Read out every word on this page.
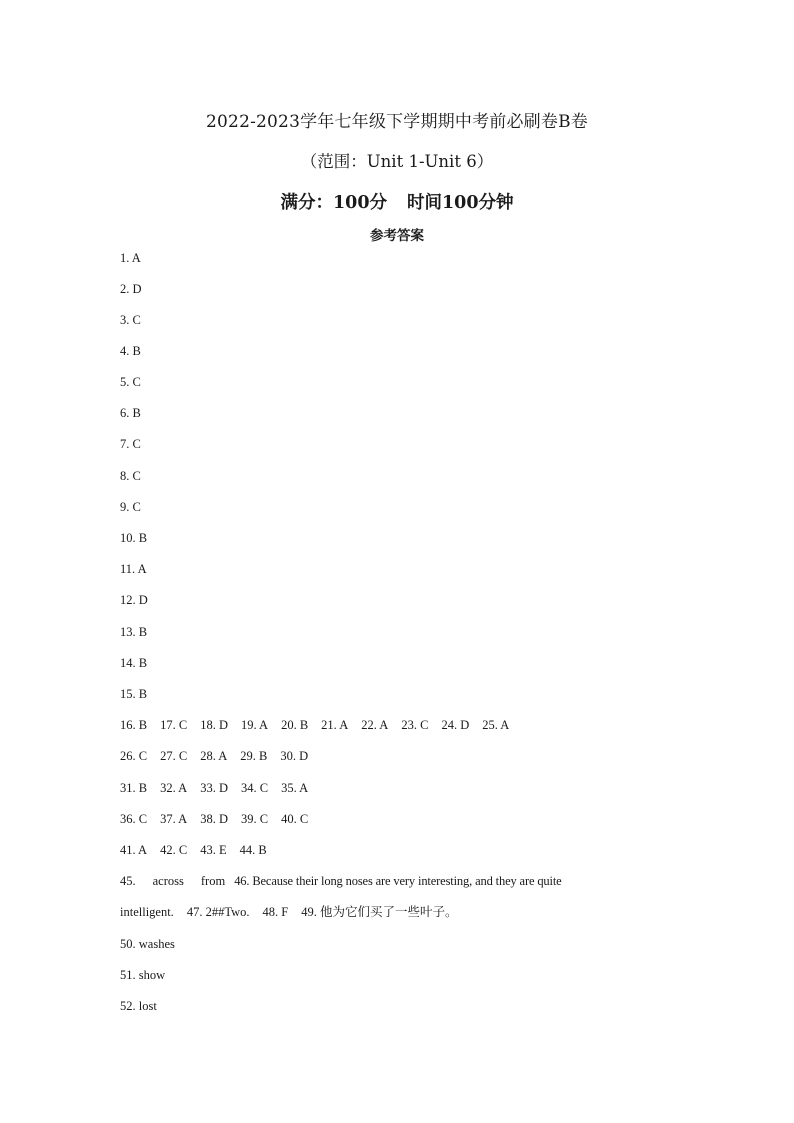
2022-2023学年七年级下学期期中考前必刷卷B卷
（范围：Unit 1-Unit 6）
满分：100分 时间100分钟
参考答案
1. A
2. D
3. C
4. B
5. C
6. B
7. C
8. C
9. C
10. B
11. A
12. D
13. B
14. B
15. B
16. B 17. C 18. D 19. A 20. B 21. A 22. A 23. C 24. D 25. A
26. C 27. C 28. A 29. B 30. D
31. B 32. A 33. D 34. C 35. A
36. C 37. A 38. D 39. C 40. C
41. A 42. C 43. E 44. B
45. across from 46. Because their long noses are very interesting, and they are quite
intelligent. 47. 2##Two. 48. F 49. 他为它们买了一些叶子。
50. washes
51. show
52. lost
